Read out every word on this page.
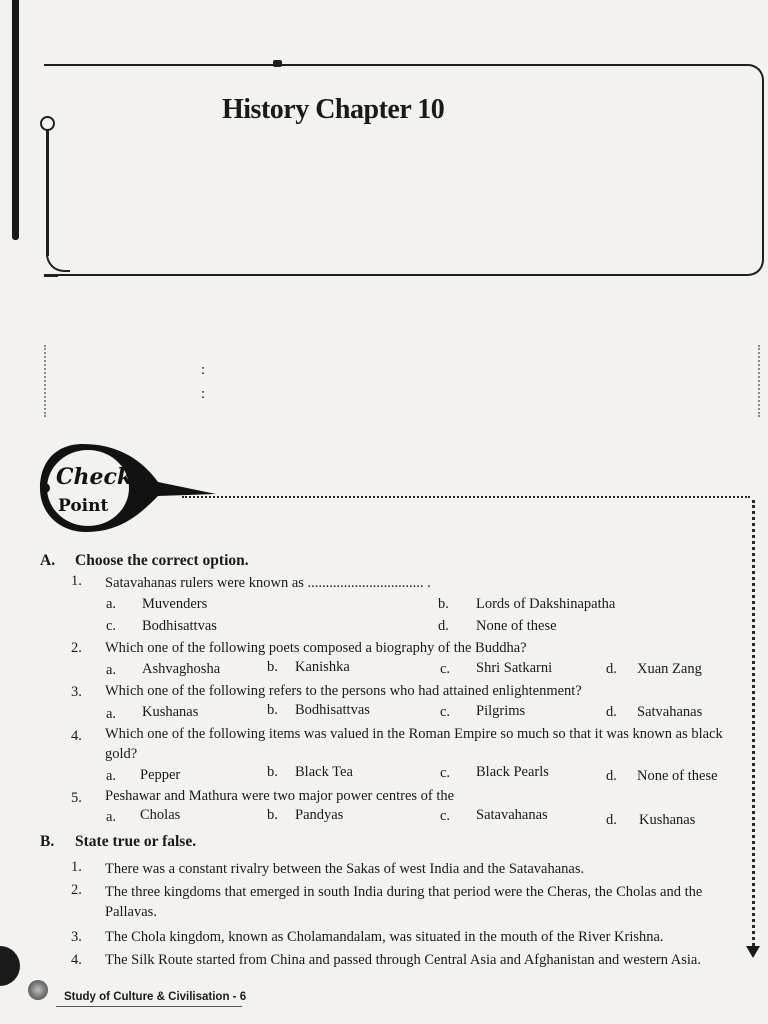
History Chapter 10
:
:
Check
Point
A. Choose the correct option.
1. Satavahanas rulers were known as ................................ .
a. Muvenders	b. Lords of Dakshinapatha
c. Bodhisattvas	d. None of these
2. Which one of the following poets composed a biography of the Buddha?
a. Ashvaghosha	b. Kanishka	c. Shri Satkarni	d. Xuan Zang
3. Which one of the following refers to the persons who had attained enlightenment?
a. Kushanas	b. Bodhisattvas	c. Pilgrims	d. Satvahanas
4. Which one of the following items was valued in the Roman Empire so much so that it was known as black gold?
a. Pepper	b. Black Tea	c. Black Pearls	d. None of these
5. Peshawar and Mathura were two major power centres of the
a. Cholas	b. Pandyas	c. Satavahanas	d. Kushanas
B. State true or false.
1. There was a constant rivalry between the Sakas of west India and the Satavahanas.
2. The three kingdoms that emerged in south India during that period were the Cheras, the Cholas and the Pallavas.
3. The Chola kingdom, known as Cholamandalam, was situated in the mouth of the River Krishna.
4. The Silk Route started from China and passed through Central Asia and Afghanistan and western Asia.
Study of Culture & Civilisation - 6
